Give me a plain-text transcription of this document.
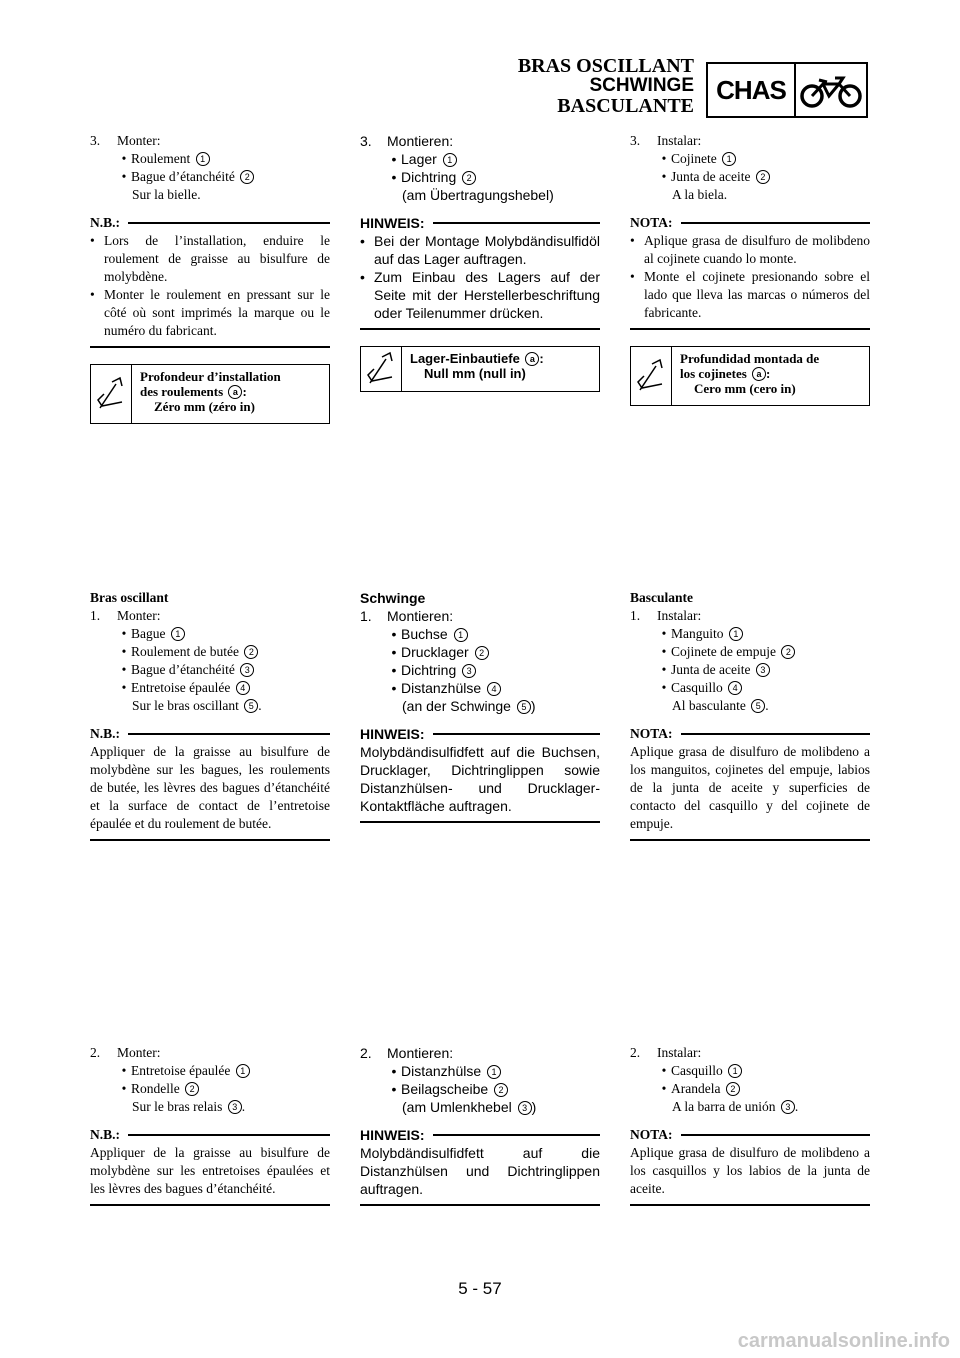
BRAS OSCILLANT
SCHWINGE
BASCULANTE
CHAS
3.	Monter:
• Roulement 1
• Bague d’étanchéité 2
Sur la bielle.
N.B.:
• Lors de l’installation, enduire le roulement de graisse au bisulfure de molybdène.
• Monter le roulement en pressant sur le côté où sont imprimés la marque ou le numéro du fabricant.
Profondeur d’installation
des roulements a :
Zéro mm (zéro in)
Bras oscillant
1.	Monter:
• Bague 1
• Roulement de butée 2
• Bague d’étanchéité 3
• Entretoise épaulée 4
Sur le bras oscillant 5 .
N.B.:
Appliquer de la graisse au bisulfure de molybdène sur les bagues, les roulements de butée, les lèvres des bagues d’étanchéité et la surface de contact de l’entretoise épaulée et du roulement de butée.
2.	Monter:
• Entretoise épaulée 1
• Rondelle 2
Sur le bras relais 3 .
N.B.:
Appliquer de la graisse au bisulfure de molybdène sur les entretoises épaulées et les lèvres des bagues d’étanchéité.
3.	Montieren:
• Lager 1
• Dichtring 2
(am Übertragungshebel)
HINWEIS:
• Bei der Montage Molybdändisulfidöl auf das Lager auftragen.
• Zum Einbau des Lagers auf der Seite mit der Herstellerbeschriftung oder Teilenummer drücken.
Lager-Einbautiefe a :
Null mm (null in)
Schwinge
1.	Montieren:
• Buchse 1
• Drucklager 2
• Dichtring 3
• Distanzhülse 4
(an der Schwinge 5 )
HINWEIS:
Molybdändisulfidfett auf die Buchsen, Drucklager, Dichtringlippen sowie Distanzhülsen- und Drucklager-Kontaktfläche auftragen.
2.	Montieren:
• Distanzhülse 1
• Beilagscheibe 2
(am Umlenkhebel 3 )
HINWEIS:
Molybdändisulfidfett auf die Distanzhülsen und Dichtringlippen auftragen.
3.	Instalar:
• Cojinete 1
• Junta de aceite 2
A la biela.
NOTA:
• Aplique grasa de disulfuro de molibdeno al cojinete cuando lo monte.
• Monte el cojinete presionando sobre el lado que lleva las marcas o números del fabricante.
Profundidad montada de
los cojinetes a :
Cero mm (cero in)
Basculante
1.	Instalar:
• Manguito 1
• Cojinete de empuje 2
• Junta de aceite 3
• Casquillo 4
Al basculante 5 .
NOTA:
Aplique grasa de disulfuro de molibdeno a los manguitos, cojinetes del empuje, labios de la junta de aceite y superficies de contacto del casquillo y del cojinete de empuje.
2.	Instalar:
• Casquillo 1
• Arandela 2
A la barra de unión 3 .
NOTA:
Aplique grasa de disulfuro de molibdeno a los casquillos y los labios de la junta de aceite.
5 - 57
carmanualsonline.info
